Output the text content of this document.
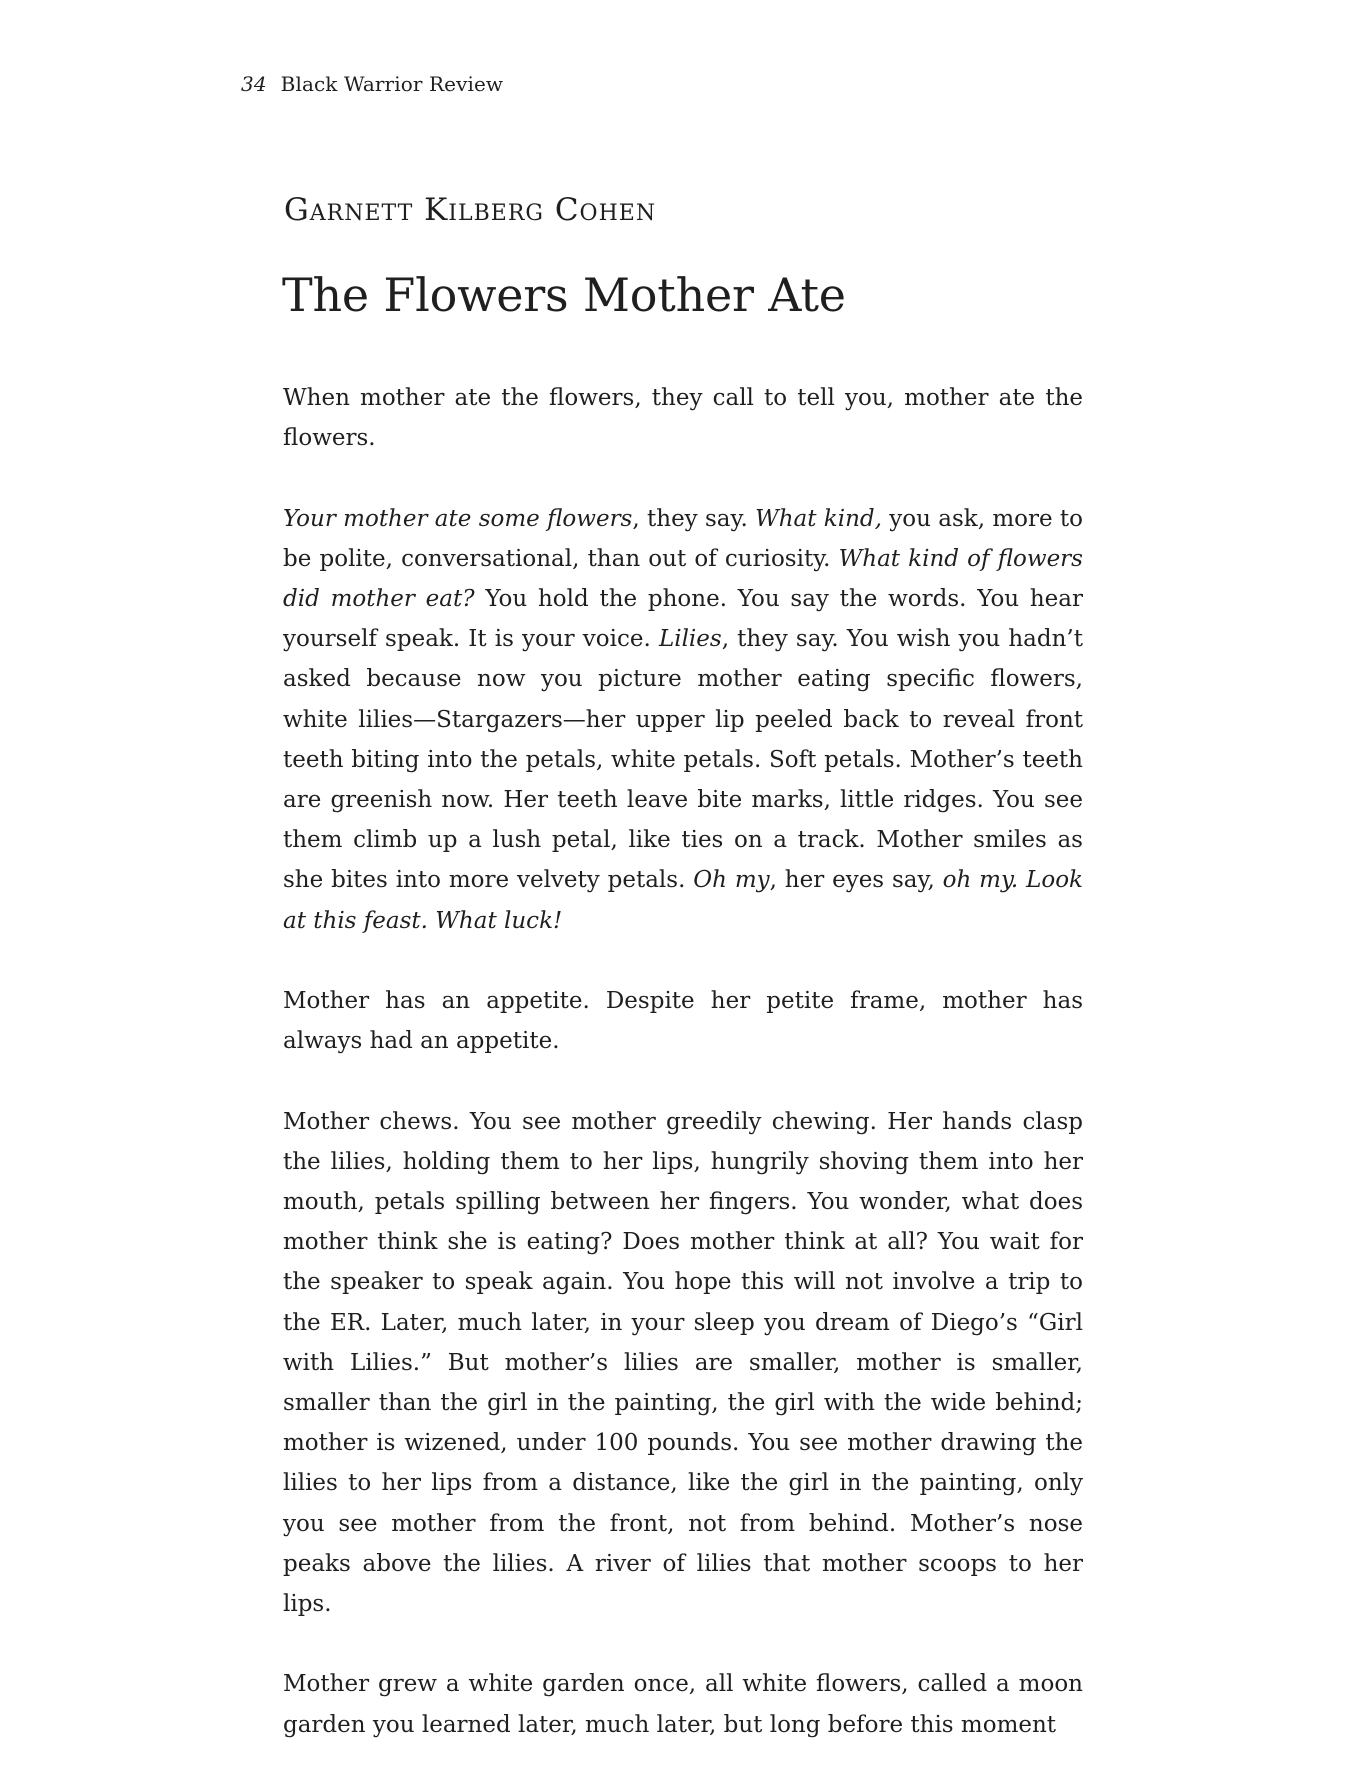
34 Black Warrior Review
Garnett Kilberg Cohen
The Flowers Mother Ate

When mother ate the flowers, they call to tell you, mother ate the flowers.

Your mother ate some flowers, they say. What kind, you ask, more to be polite, conversational, than out of curiosity. What kind of flowers did mother eat? You hold the phone. You say the words. You hear yourself speak. It is your voice. Lilies, they say. You wish you hadn’t asked because now you picture mother eating specific flowers, white lilies—Stargazers—her upper lip peeled back to reveal front teeth biting into the petals, white petals. Soft petals. Mother’s teeth are greenish now. Her teeth leave bite marks, little ridges. You see them climb up a lush petal, like ties on a track. Mother smiles as she bites into more velvety petals. Oh my, her eyes say, oh my. Look at this feast. What luck!

Mother has an appetite. Despite her petite frame, mother has always had an appetite.

Mother chews. You see mother greedily chewing. Her hands clasp the lilies, holding them to her lips, hungrily shoving them into her mouth, petals spilling between her fingers. You wonder, what does mother think she is eating? Does mother think at all? You wait for the speaker to speak again. You hope this will not involve a trip to the ER. Later, much later, in your sleep you dream of Diego’s “Girl with Lilies.” But mother’s lilies are smaller, mother is smaller, smaller than the girl in the painting, the girl with the wide behind; mother is wizened, under 100 pounds. You see mother drawing the lilies to her lips from a distance, like the girl in the painting, only you see mother from the front, not from behind. Mother’s nose peaks above the lilies. A river of lilies that mother scoops to her lips.

Mother grew a white garden once, all white flowers, called a moon garden you learned later, much later, but long before this moment
